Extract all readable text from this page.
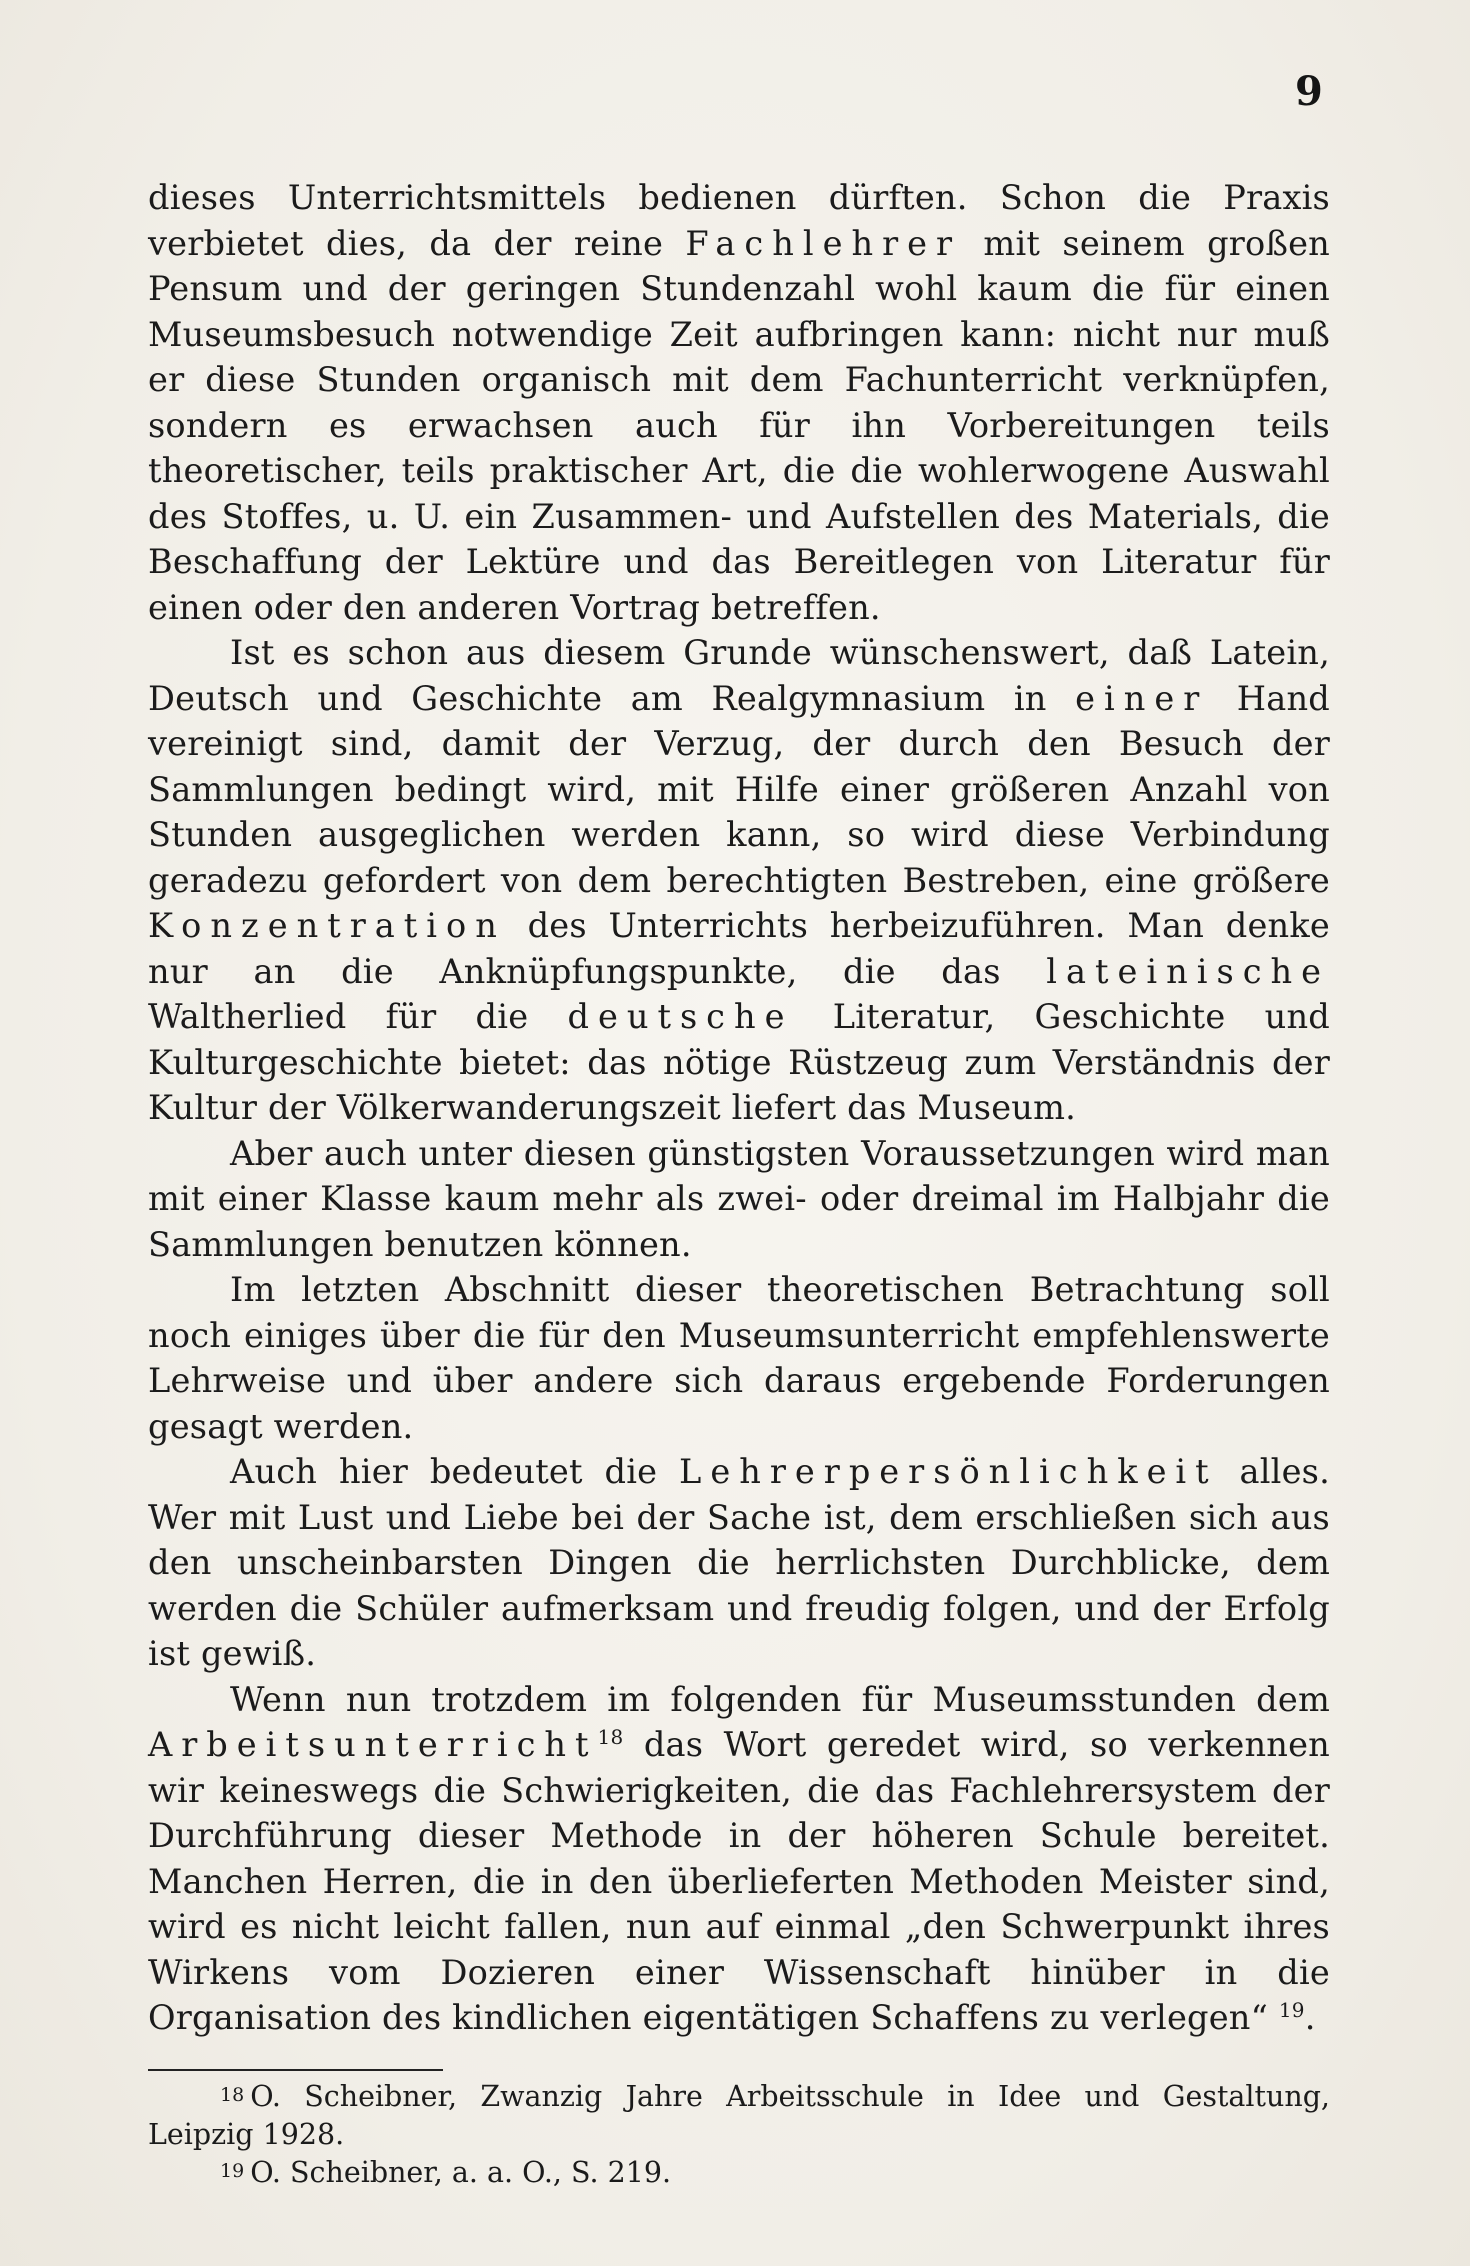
9

dieses Unterrichtsmittels bedienen dürften. Schon die Praxis verbietet dies, da der reine Fachlehrer mit seinem großen Pensum und der geringen Stundenzahl wohl kaum die für einen Museumsbesuch notwendige Zeit aufbringen kann: nicht nur muß er diese Stunden organisch mit dem Fachunterricht verknüpfen, sondern es erwachsen auch für ihn Vorbereitungen teils theoretischer, teils praktischer Art, die die wohlerwogene Auswahl des Stoffes, u. U. ein Zusammen- und Aufstellen des Materials, die Beschaffung der Lektüre und das Bereitlegen von Literatur für einen oder den anderen Vortrag betreffen.

Ist es schon aus diesem Grunde wünschenswert, daß Latein, Deutsch und Geschichte am Realgymnasium in einer Hand vereinigt sind, damit der Verzug, der durch den Besuch der Sammlungen bedingt wird, mit Hilfe einer größeren Anzahl von Stunden ausgeglichen werden kann, so wird diese Verbindung geradezu gefordert von dem berechtigten Bestreben, eine größere Konzentration des Unterrichts herbeizuführen. Man denke nur an die Anknüpfungspunkte, die das lateinische Waltherlied für die deutsche Literatur, Geschichte und Kulturgeschichte bietet: das nötige Rüstzeug zum Verständnis der Kultur der Völkerwanderungszeit liefert das Museum.

Aber auch unter diesen günstigsten Voraussetzungen wird man mit einer Klasse kaum mehr als zwei- oder dreimal im Halbjahr die Sammlungen benutzen können.

Im letzten Abschnitt dieser theoretischen Betrachtung soll noch einiges über die für den Museumsunterricht empfehlenswerte Lehrweise und über andere sich daraus ergebende Forderungen gesagt werden.

Auch hier bedeutet die Lehrerpersönlichkeit alles. Wer mit Lust und Liebe bei der Sache ist, dem erschließen sich aus den unscheinbarsten Dingen die herrlichsten Durchblicke, dem werden die Schüler aufmerksam und freudig folgen, und der Erfolg ist gewiß.

Wenn nun trotzdem im folgenden für Museumsstunden dem Arbeitsunterricht$^{18}$ das Wort geredet wird, so verkennen wir keineswegs die Schwierigkeiten, die das Fachlehrersystem der Durchführung dieser Methode in der höheren Schule bereitet. Manchen Herren, die in den überlieferten Methoden Meister sind, wird es nicht leicht fallen, nun auf einmal „den Schwerpunkt ihres Wirkens vom Dozieren einer Wissenschaft hinüber in die Organisation des kindlichen eigentätigen Schaffens zu verlegen“ $^{19}$.

18 O. Scheibner, Zwanzig Jahre Arbeitsschule in Idee und Gestaltung, Leipzig 1928.

19 O. Scheibner, a. a. O., S. 219.
